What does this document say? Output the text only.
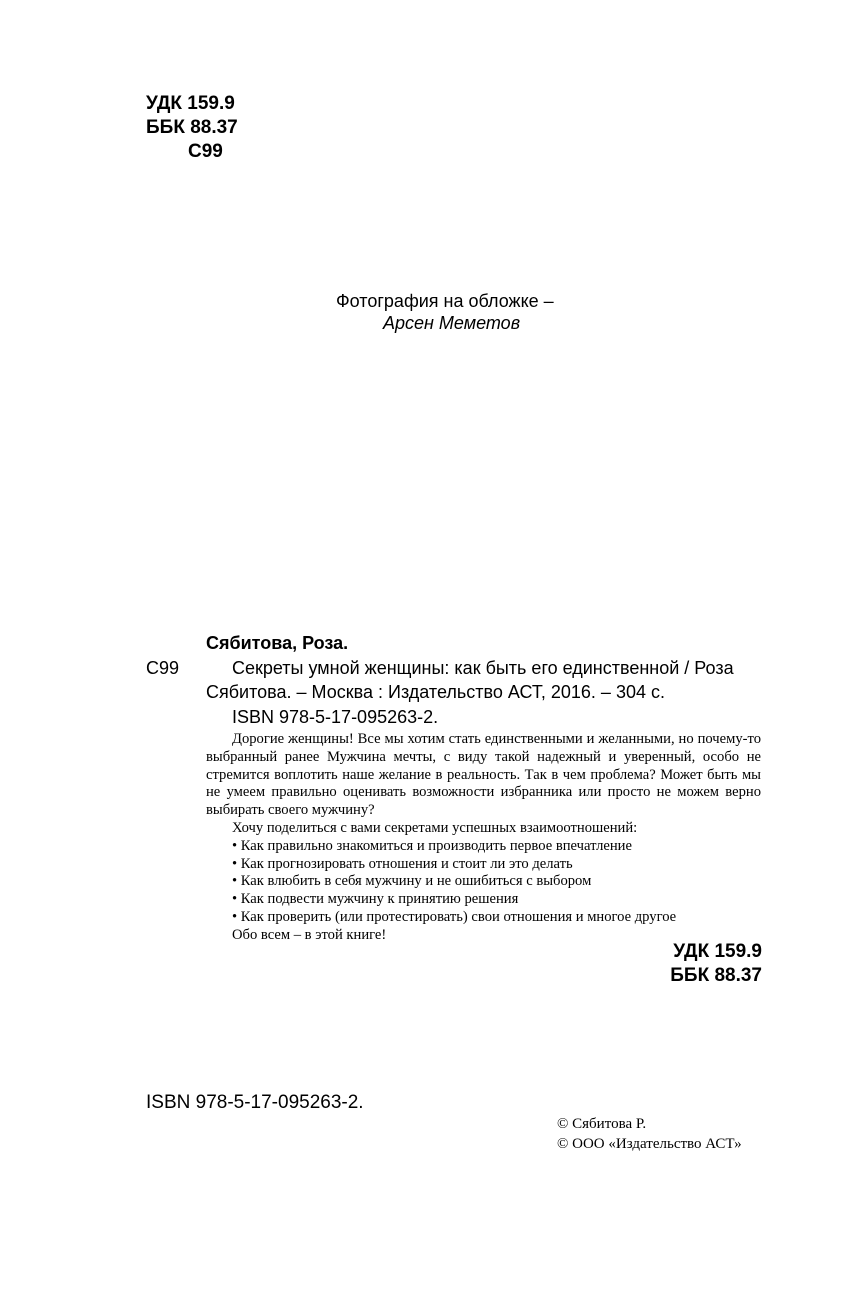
УДК 159.9
ББК 88.37
С99
Фотография на обложке –
Арсен Меметов
Сябитова, Роза.
С99	Секреты умной женщины: как быть его единственной / Роза
Сябитова. – Москва : Издательство АСТ, 2016. – 304 с.
ISBN 978-5-17-095263-2.

Дорогие женщины! Все мы хотим стать единственными и желанными, но почему-то выбранный ранее Мужчина мечты, с виду такой надежный и уверенный, особо не стремится воплотить наше желание в реальность. Так в чем проблема? Может быть мы не умеем правильно оценивать возможности избранника или просто не можем верно выбирать своего мужчину?

Хочу поделиться с вами секретами успешных взаимоотношений:

• Как правильно знакомиться и производить первое впечатление

• Как прогнозировать отношения и стоит ли это делать

• Как влюбить в себя мужчину и не ошибиться с выбором

• Как подвести мужчину к принятию решения

• Как проверить (или протестировать) свои отношения и многое другое

Обо всем – в этой книге!

УДК 159.9
ББК 88.37
ISBN 978-5-17-095263-2.
© Сябитова Р.
© ООО «Издательство АСТ»
